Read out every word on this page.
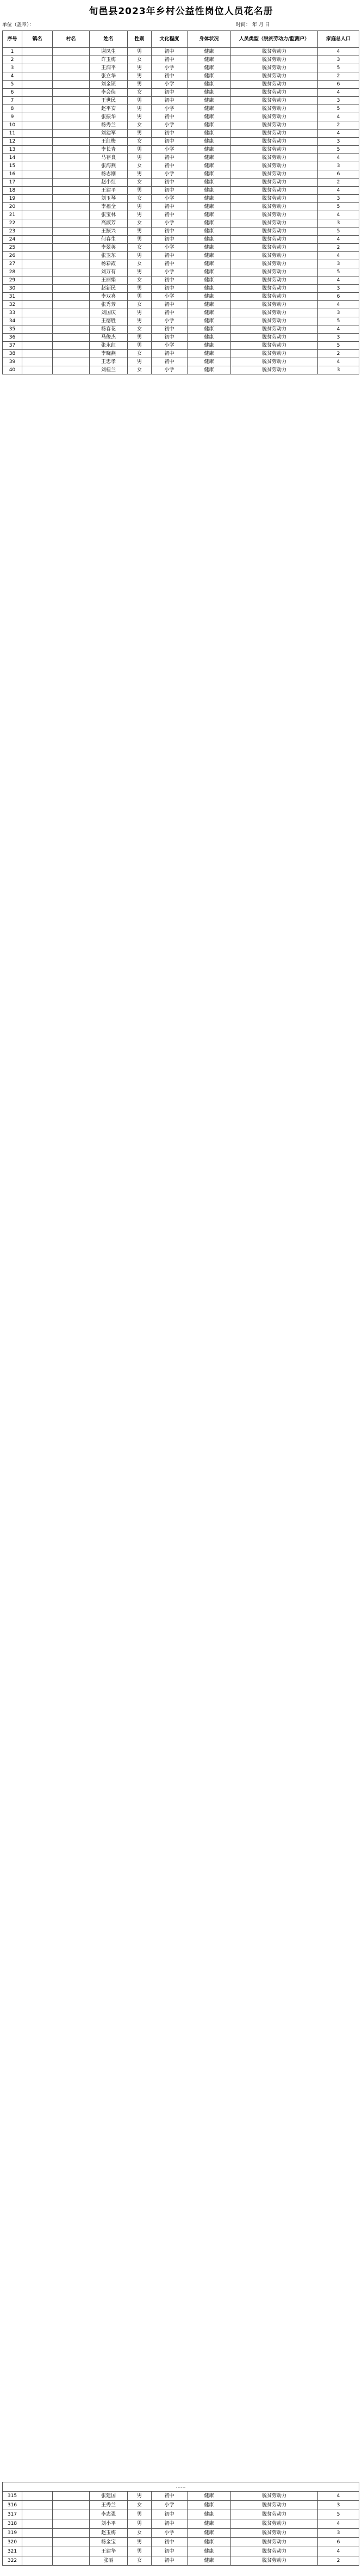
旬邑县2023年乡村公益性岗位人员花名册
单位（盖章）：	时间： 年 月 日
序号	镇名	村名	姓名	性别	文化程度	身体状况	人员类型（脱贫劳动力/监测户）	家庭总人口
1			谢凤生	男	初中	健康	脱贫劳动力	4
2			许玉梅	女	初中	健康	脱贫劳动力	3
3			王润平	男	小学	健康	脱贫劳动力	5
4			张立华	男	初中	健康	脱贫劳动力	2
5			刘金锁	男	小学	健康	脱贫劳动力	6
6			李会侠	女	初中	健康	脱贫劳动力	4
7			王世民	男	初中	健康	脱贫劳动力	3
8			赵平安	男	小学	健康	脱贫劳动力	5
9			张振华	男	初中	健康	脱贫劳动力	4
10			杨秀兰	女	小学	健康	脱贫劳动力	2
11			刘建军	男	初中	健康	脱贫劳动力	4
12			王红梅	女	初中	健康	脱贫劳动力	3
13			李长青	男	小学	健康	脱贫劳动力	5
14			马存良	男	初中	健康	脱贫劳动力	4
15			张海燕	女	初中	健康	脱贫劳动力	3
16			杨志刚	男	小学	健康	脱贫劳动力	6
17			赵小红	女	初中	健康	脱贫劳动力	2
18			王建平	男	初中	健康	脱贫劳动力	4
19			刘玉琴	女	小学	健康	脱贫劳动力	3
20			李福全	男	初中	健康	脱贫劳动力	5
21			张宝林	男	初中	健康	脱贫劳动力	4
22			高淑芳	女	小学	健康	脱贫劳动力	3
23			王振兴	男	初中	健康	脱贫劳动力	5
24			何春生	男	初中	健康	脱贫劳动力	4
25			李翠英	女	小学	健康	脱贫劳动力	2
26			张卫东	男	初中	健康	脱贫劳动力	4
27			杨彩霞	女	初中	健康	脱贫劳动力	3
28			刘万有	男	小学	健康	脱贫劳动力	5
29			王丽娟	女	初中	健康	脱贫劳动力	4
30			赵新民	男	初中	健康	脱贫劳动力	3
31			李双喜	男	小学	健康	脱贫劳动力	6
32			张秀芳	女	初中	健康	脱贫劳动力	4
33			刘国庆	男	初中	健康	脱贫劳动力	3
34			王德胜	男	小学	健康	脱贫劳动力	5
35			杨春花	女	初中	健康	脱贫劳动力	4
36			马俊杰	男	初中	健康	脱贫劳动力	3
37			张永红	男	小学	健康	脱贫劳动力	5
38			李晓燕	女	初中	健康	脱贫劳动力	2
39			王忠孝	男	初中	健康	脱贫劳动力	4
40			刘桂兰	女	小学	健康	脱贫劳动力	3
……								
315			张建国	男	初中	健康	脱贫劳动力	4
316			王秀兰	女	小学	健康	脱贫劳动力	3
317			李志强	男	初中	健康	脱贫劳动力	5
318			刘小平	男	初中	健康	脱贫劳动力	4
319			赵玉梅	女	小学	健康	脱贫劳动力	3
320			杨金宝	男	初中	健康	脱贫劳动力	6
321			王建华	男	初中	健康	脱贫劳动力	4
322			张丽	女	初中	健康	脱贫劳动力	2
